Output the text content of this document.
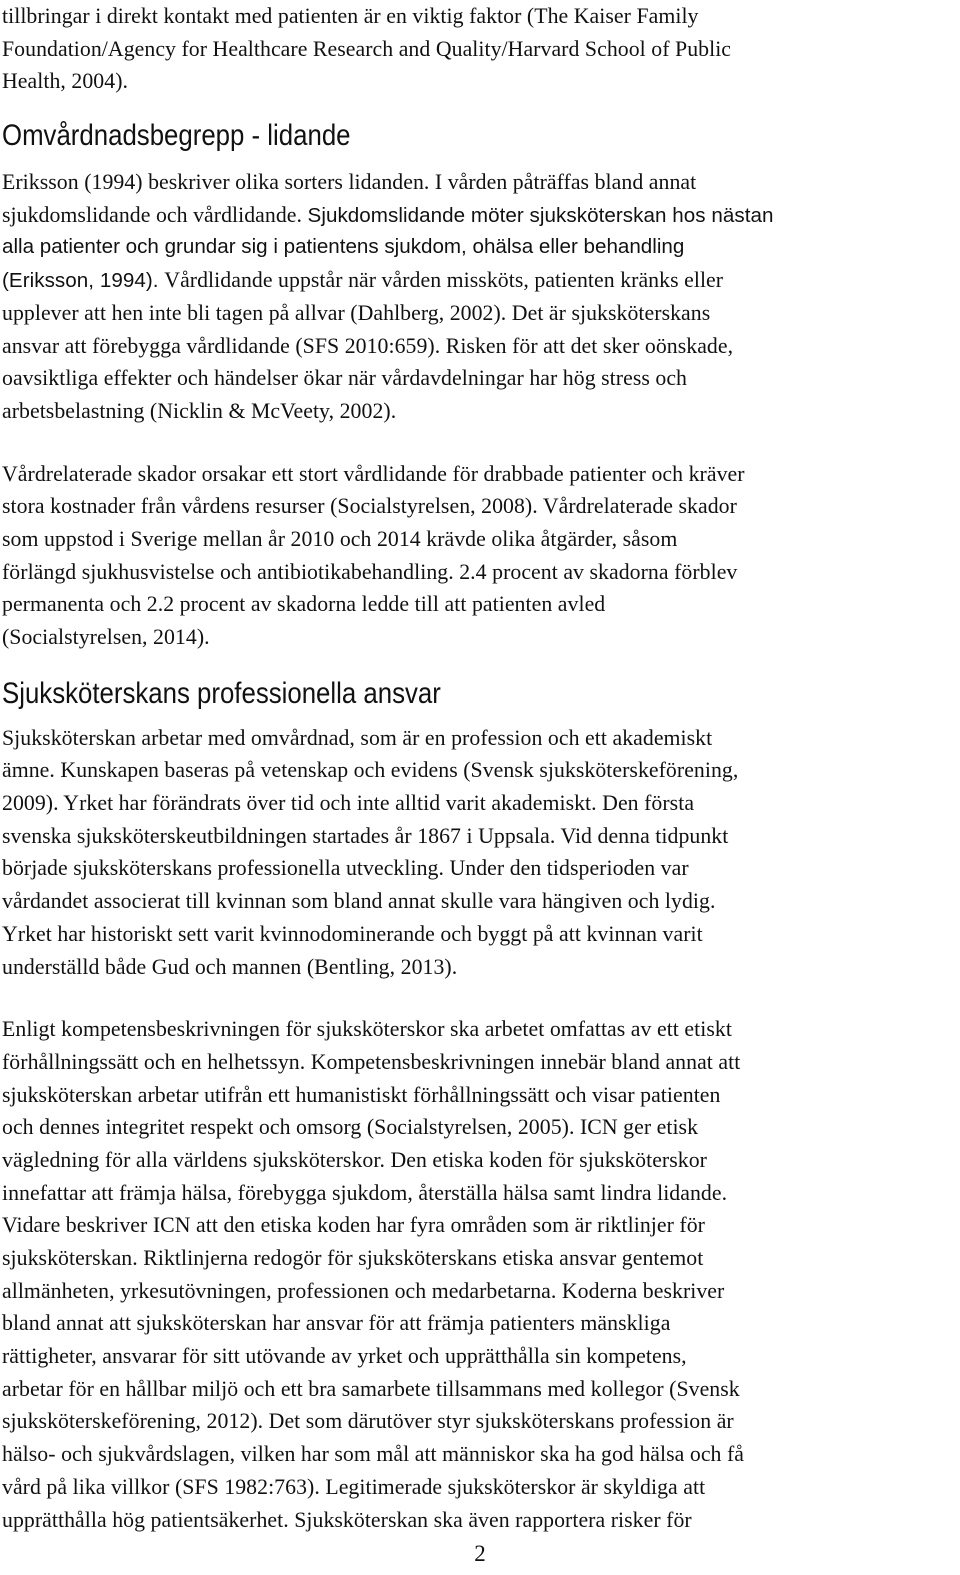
tillbringar i direkt kontakt med patienten är en viktig faktor (The Kaiser Family
Foundation/Agency for Healthcare Research and Quality/Harvard School of Public
Health, 2004).
Omvårdnadsbegrepp - lidande
Eriksson (1994) beskriver olika sorters lidanden. I vården påträffas bland annat
sjukdomslidande och vårdlidande. Sjukdomslidande möter sjuksköterskan hos nästan
alla patienter och grundar sig i patientens sjukdom, ohälsa eller behandling
(Eriksson, 1994). Vårdlidande uppstår när vården missköts, patienten kränks eller
upplever att hen inte bli tagen på allvar (Dahlberg, 2002). Det är sjuksköterskans
ansvar att förebygga vårdlidande (SFS 2010:659). Risken för att det sker oönskade,
oavsiktliga effekter och händelser ökar när vårdavdelningar har hög stress och
arbetsbelastning (Nicklin & McVeety, 2002).
Vårdrelaterade skador orsakar ett stort vårdlidande för drabbade patienter och kräver
stora kostnader från vårdens resurser (Socialstyrelsen, 2008). Vårdrelaterade skador
som uppstod i Sverige mellan år 2010 och 2014 krävde olika åtgärder, såsom
förlängd sjukhusvistelse och antibiotikabehandling. 2.4 procent av skadorna förblev
permanenta och 2.2 procent av skadorna ledde till att patienten avled
(Socialstyrelsen, 2014).
Sjuksköterskans professionella ansvar
Sjuksköterskan arbetar med omvårdnad, som är en profession och ett akademiskt
ämne. Kunskapen baseras på vetenskap och evidens (Svensk sjuksköterskeförening,
2009). Yrket har förändrats över tid och inte alltid varit akademiskt. Den första
svenska sjuksköterskeutbildningen startades år 1867 i Uppsala. Vid denna tidpunkt
började sjuksköterskans professionella utveckling. Under den tidsperioden var
vårdandet associerat till kvinnan som bland annat skulle vara hängiven och lydig.
Yrket har historiskt sett varit kvinnodominerande och byggt på att kvinnan varit
underställd både Gud och mannen (Bentling, 2013).
Enligt kompetensbeskrivningen för sjuksköterskor ska arbetet omfattas av ett etiskt
förhållningssätt och en helhetssyn. Kompetensbeskrivningen innebär bland annat att
sjuksköterskan arbetar utifrån ett humanistiskt förhållningssätt och visar patienten
och dennes integritet respekt och omsorg (Socialstyrelsen, 2005). ICN ger etisk
vägledning för alla världens sjuksköterskor. Den etiska koden för sjuksköterskor
innefattar att främja hälsa, förebygga sjukdom, återställa hälsa samt lindra lidande.
Vidare beskriver ICN att den etiska koden har fyra områden som är riktlinjer för
sjuksköterskan. Riktlinjerna redogör för sjuksköterskans etiska ansvar gentemot
allmänheten, yrkesutövningen, professionen och medarbetarna. Koderna beskriver
bland annat att sjuksköterskan har ansvar för att främja patienters mänskliga
rättigheter, ansvarar för sitt utövande av yrket och upprätthålla sin kompetens,
arbetar för en hållbar miljö och ett bra samarbete tillsammans med kollegor (Svensk
sjuksköterskeförening, 2012). Det som därutöver styr sjuksköterskans profession är
hälso- och sjukvårdslagen, vilken har som mål att människor ska ha god hälsa och få
vård på lika villkor (SFS 1982:763). Legitimerade sjuksköterskor är skyldiga att
upprätthålla hög patientsäkerhet. Sjuksköterskan ska även rapportera risker för
2
